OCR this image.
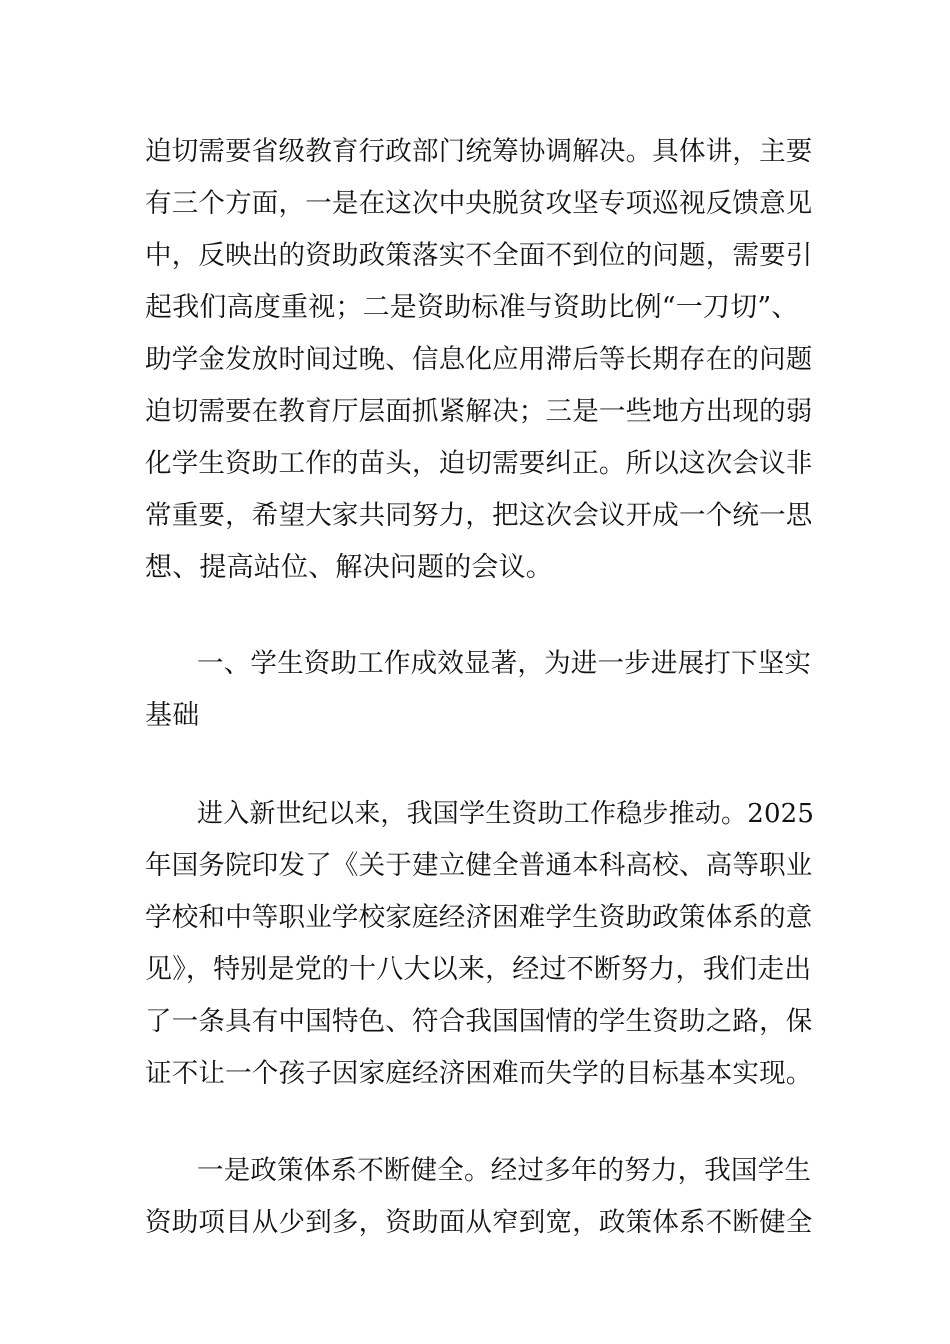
迫切需要省级教育行政部门统筹协调解决。具体讲，主要
有三个方面，一是在这次中央脱贫攻坚专项巡视反馈意见
中，反映出的资助政策落实不全面不到位的问题，需要引
起我们高度重视；二是资助标准与资助比例“一刀切”、
助学金发放时间过晚、信息化应用滞后等长期存在的问题
迫切需要在教育厅层面抓紧解决；三是一些地方出现的弱
化学生资助工作的苗头，迫切需要纠正。所以这次会议非
常重要，希望大家共同努力，把这次会议开成一个统一思
想、提高站位、解决问题的会议。
一、学生资助工作成效显著，为进一步进展打下坚实
基础
进入新世纪以来，我国学生资助工作稳步推动。2025
年国务院印发了《关于建立健全普通本科高校、高等职业
学校和中等职业学校家庭经济困难学生资助政策体系的意
见》，特别是党的十八大以来，经过不断努力，我们走出
了一条具有中国特色、符合我国国情的学生资助之路，保
证不让一个孩子因家庭经济困难而失学的目标基本实现。
一是政策体系不断健全。经过多年的努力，我国学生
资助项目从少到多，资助面从窄到宽，政策体系不断健全
